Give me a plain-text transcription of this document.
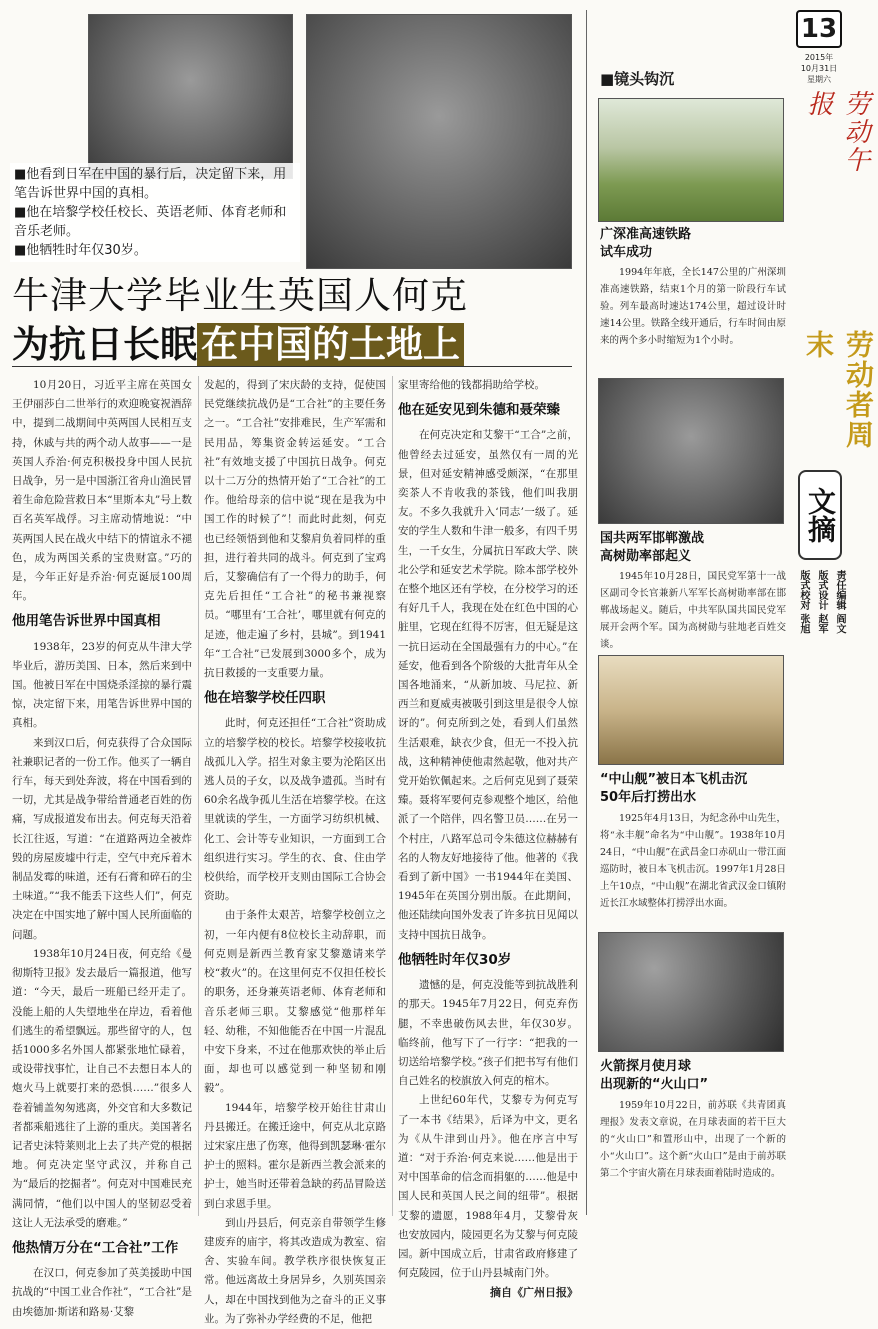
■他看到日军在中国的暴行后，决定留下来，用笔告诉世界中国的真相。

■他在培黎学校任校长、英语老师、体育老师和音乐老师。

■他牺牲时年仅30岁。

牛津大学毕业生英国人何克
为抗日长眠 在中国的土地上

10月20日，习近平主席在英国女王伊丽莎白二世举行的欢迎晚宴祝酒辞中，提到二战期间中英两国人民相互支持，休戚与共的两个动人故事——一是英国人乔治·何克积极投身中国人民抗日战争，另一是中国浙江省舟山渔民冒着生命危险营救日本“里斯本丸”号上数百名英军战俘。习主席动情地说：“中英两国人民在战火中结下的情谊永不褪色，成为两国关系的宝贵财富。”巧的是，今年正好是乔治·何克诞辰100周年。

他用笔告诉世界中国真相

1938年，23岁的何克从牛津大学毕业后，游历美国、日本，然后来到中国。他被日军在中国烧杀淫掠的暴行震惊，决定留下来，用笔告诉世界中国的真相。

来到汉口后，何克获得了合众国际社兼职记者的一份工作。他买了一辆自行车，每天到处奔波，将在中国看到的一切，尤其是战争带给普通老百姓的伤痛，写成报道发布出去。何克每天沿着长江往返，写道：“在道路两边全被炸毁的房屋废墟中行走，空气中充斥着木制品发霉的味道，还有石膏和碎石的尘土味道。”“我不能丢下这些人们”，何克决定在中国实地了解中国人民所面临的问题。

1938年10月24日夜，何克给《曼彻斯特卫报》发去最后一篇报道，他写道：“今天，最后一班船已经开走了。没能上船的人失望地坐在岸边，看着他们逃生的希望飘远。那些留守的人，包括1000多名外国人都紧张地忙碌着，或设带找事忙，让自己不去想日本人的炮火马上就要打来的恐惧……”很多人卷着铺盖匆匆逃离，外交官和大多数记者都乘船逃往了上游的重庆。美国著名记者史沫特莱则北上去了共产党的根据地。何克决定坚守武汉，并称自己为“最后的挖掘者”。何克对中国难民充满同情，“他们以中国人的坚韧忍受着这让人无法承受的磨难。”

他热情万分在“工合社”工作

在汉口，何克参加了英美援助中国抗战的“中国工业合作社”，“工合社”是由埃德加·斯诺和路易·艾黎

发起的，得到了宋庆龄的支持，促使国民党继续抗战仍是“工合社”的主要任务之一。“工合社”安排难民，生产军需和民用品，筹集资金转运延安。“工合社”有效地支援了中国抗日战争。何克以十二万分的热情开始了“工合社”的工作。他给母亲的信中说“现在是我为中国工作的时候了”！而此时此刻，何克也已经领悟到他和艾黎肩负着同样的重担，进行着共同的战斗。何克到了宝鸡后，艾黎确信有了一个得力的助手，何克先后担任“工合社”的秘书兼视察员。“哪里有‘工合社’，哪里就有何克的足迹，他走遍了乡村，县城”。到1941年“工合社”已发展到3000多个，成为抗日救援的一支重要力量。

他在培黎学校任四职

此时，何克还担任“工合社”资助成立的培黎学校的校长。培黎学校接收抗战孤儿入学。招生对象主要为沦陷区出逃人员的子女，以及战争遗孤。当时有60余名战争孤儿生活在培黎学校。在这里就读的学生，一方面学习纺织机械、化工、会计等专业知识，一方面到工合组织进行实习。学生的衣、食、住由学校供给，而学校开支则由国际工合协会资助。

由于条件太艰苦，培黎学校创立之初，一年内便有8位校长主动辞职，而何克则是新西兰教育家艾黎邀请来学校“救火”的。在这里何克不仅担任校长的职务，还身兼英语老师、体育老师和音乐老师三职。艾黎感觉“他那样年轻、幼稚，不知他能否在中国一片混乱中安下身来，不过在他那欢快的举止后面，却也可以感觉到一种坚韧和刚毅”。

1944年，培黎学校开始往甘肃山丹县搬迁。在搬迁途中，何克从北京路过宋家庄患了伤寒，他得到凯瑟琳·霍尔护士的照料。霍尔是新西兰教会派来的护士，她当时还带着急缺的药品冒险送到白求恩手里。

到山丹县后，何克亲自带领学生修建废弃的庙宇，将其改造成为教室、宿舍、实验车间。教学秩序很快恢复正常。他远离故土身居异乡，久别英国亲人，却在中国找到他为之奋斗的正义事业。为了弥补办学经费的不足，他把

家里寄给他的钱都捐助给学校。

他在延安见到朱德和聂荣臻

在何克决定和艾黎干“工合”之前，他曾经去过延安，虽然仅有一周的光景，但对延安精神感受颇深，“在那里奕茶人不肯收我的茶钱，他们叫我朋友。不多久我就升入‘同志’一级了。延安的学生人数和牛津一般多，有四千男生，一千女生，分属抗日军政大学、陕北公学和延安艺术学院。除本部学校外在整个地区还有学校，在分校学习的还有好几千人，我现在处在红色中国的心脏里，它现在红得不厉害，但无疑是这一抗日运动在全国最强有力的中心。”在延安，他看到各个阶级的大批青年从全国各地涌来，“从新加坡、马尼拉、新西兰和夏威夷被吸引到这里是很令人惊讶的”。何克所到之处，看到人们虽然生活艰难，缺衣少食，但无一不投入抗战，这种精神使他肃然起敬，他对共产党开始钦佩起来。之后何克见到了聂荣臻。聂将军要何克参观整个地区，给他派了一个陪伴，四名警卫员……在另一个村庄，八路军总司令朱德这位赫赫有名的人物友好地接待了他。他著的《我看到了新中国》一书1944年在美国、1945年在英国分别出版。在此期间，他还陆续向国外发表了许多抗日见闻以支持中国抗日战争。

他牺牲时年仅30岁

遗憾的是，何克没能等到抗战胜利的那天。1945年7月22日，何克弃伤腿，不幸患破伤风去世，年仅30岁。临终前，他写下了一行字：“把我的一切送给培黎学校。”孩子们把书写有他们自己姓名的校旗放入何克的棺木。

上世纪60年代，艾黎专为何克写了一本书《结果》，后译为中文，更名为《从牛津到山丹》。他在序言中写道：“对于乔治·何克来说……他是出于对中国革命的信念而捐躯的……他是中国人民和英国人民之间的纽带”。根据艾黎的遗愿，1988年4月，艾黎骨灰也安放园内，陵园更名为艾黎与何克陵园。新中国成立后，甘肃省政府修建了何克陵园，位于山丹县城南门外。

摘自《广州日报》
■镜头钩沉
广深准高速铁路
试车成功

1994年年底，全长147公里的广州深圳准高速铁路，结束1个月的第一阶段行车试验。列车最高时速达174公里，超过设计时速14公里。铁路全线开通后，行车时间由原来的两个多小时缩短为1个小时。

国共两军邯郸激战
高树勋率部起义

1945年10月28日，国民党军第十一战区副司令长官兼新八军军长高树勋率部在邯郸战场起义。随后，中共军队国共国民党军展开会两个军。国为高树勋与驻地老百姓交谈。

“中山舰”被日本飞机击沉
50年后打捞出水

1925年4月13日，为纪念孙中山先生，将“永丰舰”命名为“中山舰”。1938年10月24日，“中山舰”在武昌金口赤矶山一带江面巡防时，被日本飞机击沉。1997年1月28日上午10点，“中山舰”在湖北省武汉金口镇附近长江水域整体打捞浮出水面。

火箭探月使月球
出现新的“火山口”

1959年10月22日，前苏联《共青团真理报》发表文章说，在月球表面的若干巨大的“火山口”和置形山中，出现了一个新的小“火山口”。这个新“火山口”是由于前苏联第二个宇宙火箭在月球表面着陆时造成的。

13
2015年
10月31日
星期六
劳动午报
劳动者周末
文摘
责任编辑 阎文
版式设计 赵军
版式校对 张旭
